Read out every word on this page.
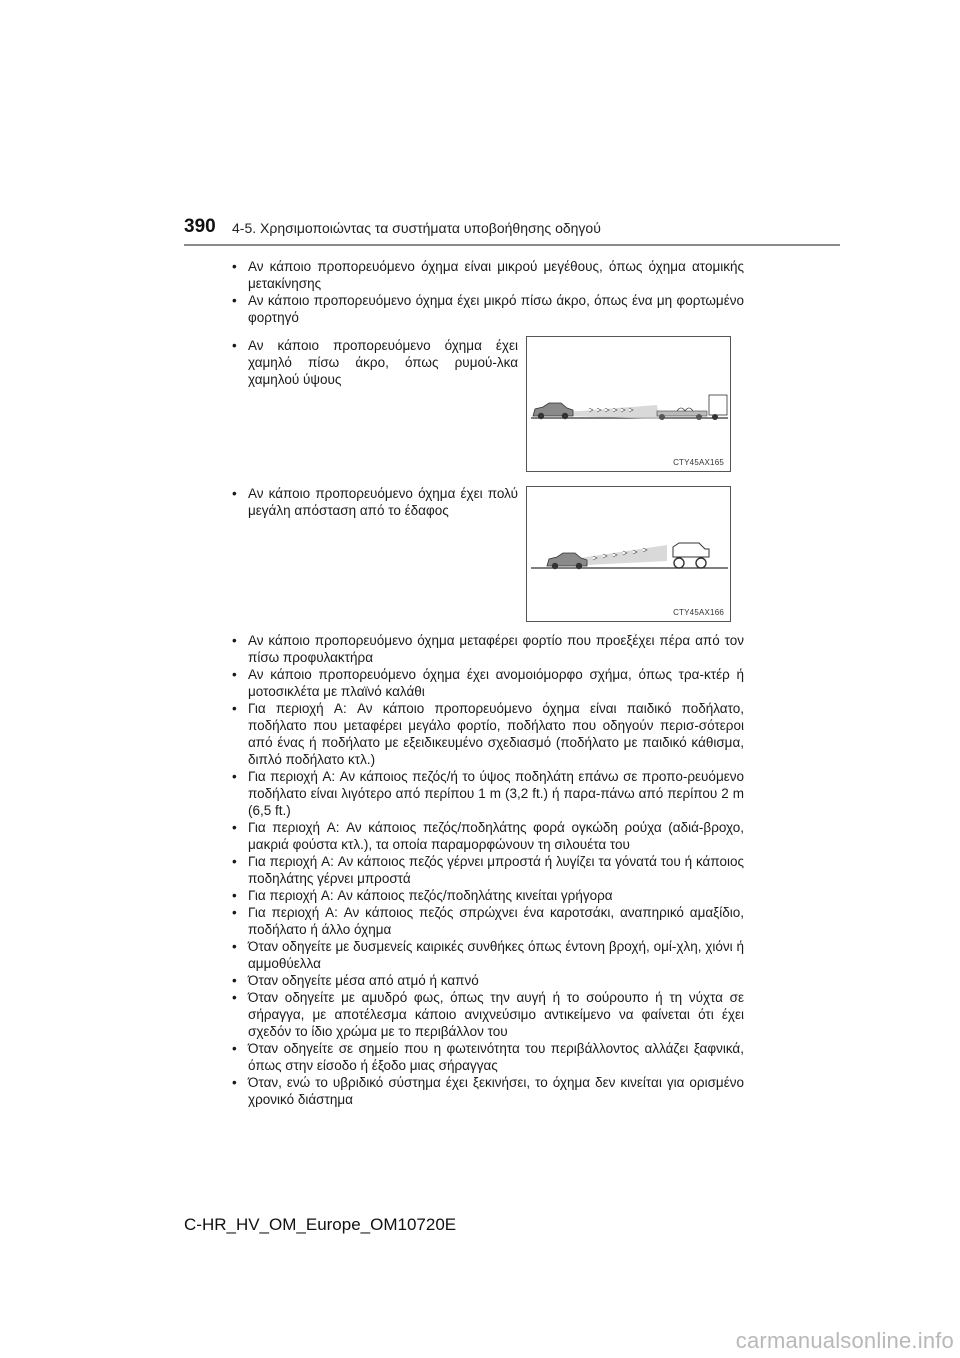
390 4-5. Χρησιμοποιώντας τα συστήματα υποβοήθησης οδηγού
• Αν κάποιο προπορευόμενο όχημα είναι μικρού μεγέθους, όπως όχημα ατομικής μετακίνησης
• Αν κάποιο προπορευόμενο όχημα έχει μικρό πίσω άκρο, όπως ένα μη φορτωμένο φορτηγό
• Αν κάποιο προπορευόμενο όχημα έχει χαμηλό πίσω άκρο, όπως ρυμού-λκα χαμηλού ύψους
CTY45AX165
• Αν κάποιο προπορευόμενο όχημα έχει πολύ μεγάλη απόσταση από το έδαφος
CTY45AX166
• Αν κάποιο προπορευόμενο όχημα μεταφέρει φορτίο που προεξέχει πέρα από τον πίσω προφυλακτήρα
• Αν κάποιο προπορευόμενο όχημα έχει ανομοιόμορφο σχήμα, όπως τρα-κτέρ ή μοτοσικλέτα με πλαϊνό καλάθι
• Για περιοχή A: Αν κάποιο προπορευόμενο όχημα είναι παιδικό ποδήλατο, ποδήλατο που μεταφέρει μεγάλο φορτίο, ποδήλατο που οδηγούν περισ-σότεροι από ένας ή ποδήλατο με εξειδικευμένο σχεδιασμό (ποδήλατο με παιδικό κάθισμα, διπλό ποδήλατο κτλ.)
• Για περιοχή A: Αν κάποιος πεζός/ή το ύψος ποδηλάτη επάνω σε προπο-ρευόμενο ποδήλατο είναι λιγότερο από περίπου 1 m (3,2 ft.) ή παρα-πάνω από περίπου 2 m (6,5 ft.)
• Για περιοχή A: Αν κάποιος πεζός/ποδηλάτης φορά ογκώδη ρούχα (αδιά-βροχο, μακριά φούστα κτλ.), τα οποία παραμορφώνουν τη σιλουέτα του
• Για περιοχή A: Αν κάποιος πεζός γέρνει μπροστά ή λυγίζει τα γόνατά του ή κάποιος ποδηλάτης γέρνει μπροστά
• Για περιοχή A: Αν κάποιος πεζός/ποδηλάτης κινείται γρήγορα
• Για περιοχή A: Αν κάποιος πεζός σπρώχνει ένα καροτσάκι, αναπηρικό αμαξίδιο, ποδήλατο ή άλλο όχημα
• Όταν οδηγείτε με δυσμενείς καιρικές συνθήκες όπως έντονη βροχή, ομί-χλη, χιόνι ή αμμοθύελλα
• Όταν οδηγείτε μέσα από ατμό ή καπνό
• Όταν οδηγείτε με αμυδρό φως, όπως την αυγή ή το σούρουπο ή τη νύχτα σε σήραγγα, με αποτέλεσμα κάποιο ανιχνεύσιμο αντικείμενο να φαίνεται ότι έχει σχεδόν το ίδιο χρώμα με το περιβάλλον του
• Όταν οδηγείτε σε σημείο που η φωτεινότητα του περιβάλλοντος αλλάζει ξαφνικά, όπως στην είσοδο ή έξοδο μιας σήραγγας
• Όταν, ενώ το υβριδικό σύστημα έχει ξεκινήσει, το όχημα δεν κινείται για ορισμένο χρονικό διάστημα
C-HR_HV_OM_Europe_OM10720E
carmanualsonline.info
